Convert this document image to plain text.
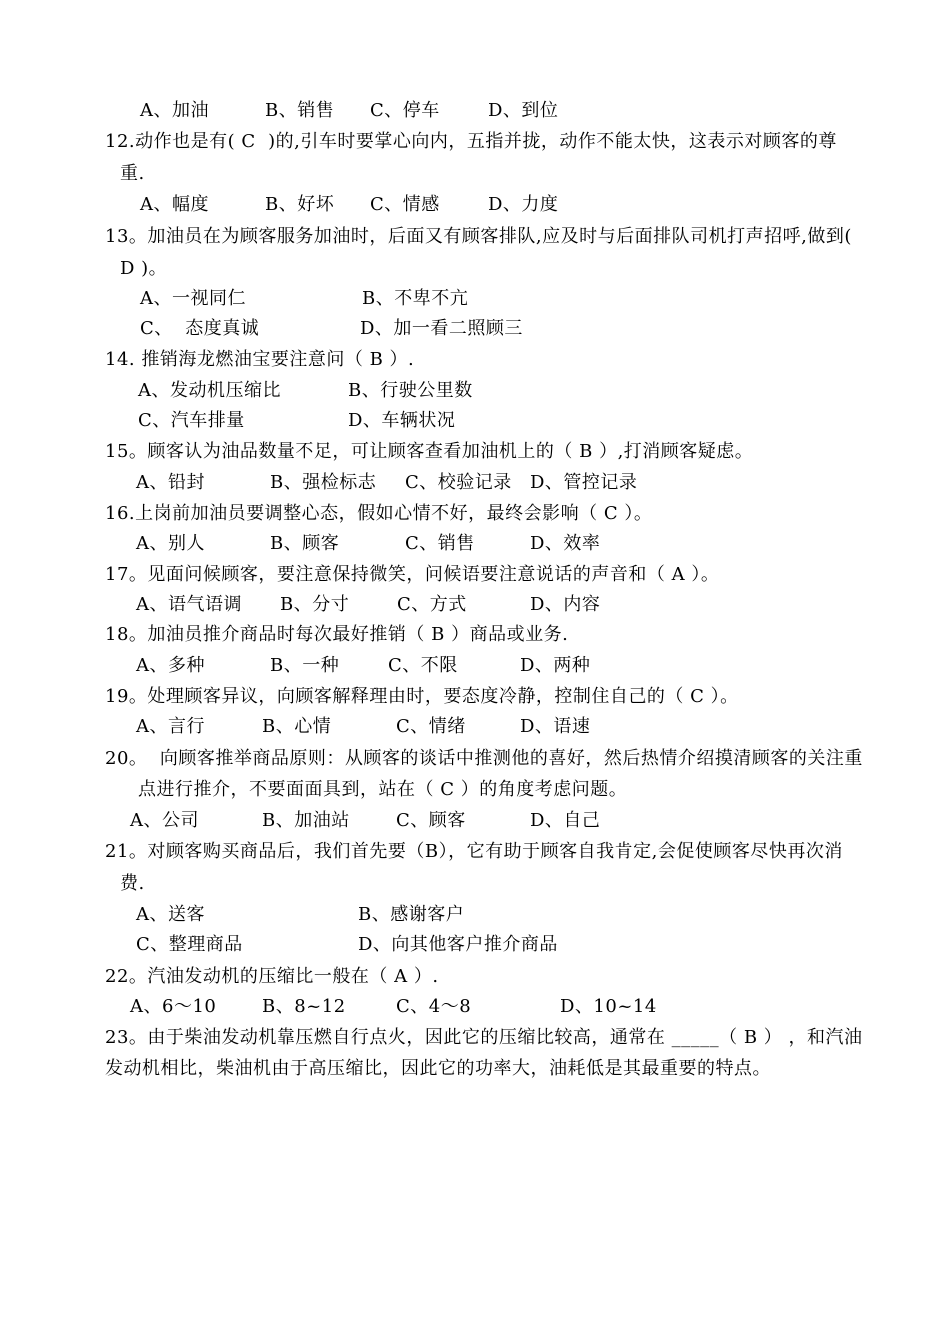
A、加油	B、销售 C、停车	D、到位
12.动作也是有( C  )的,引车时要掌心向内，五指并拢，动作不能太快，这表示对顾客的尊
重.
A、幅度	B、好坏 C、情感	D、力度
13。加油员在为顾客服务加油时，后面又有顾客排队,应及时与后面排队司机打声招呼,做到(
D )。
A、一视同仁	B、不卑不亢
C、  态度真诚	D、加一看二照顾三
14. 推销海龙燃油宝要注意问（ B ）.
A、发动机压缩比	B、行驶公里数
C、汽车排量	D、车辆状况
15。顾客认为油品数量不足，可让顾客查看加油机上的（ B ）,打消顾客疑虑。
A、铅封	B、强检标志 C、校验记录 D、管控记录
16.上岗前加油员要调整心态，假如心情不好，最终会影响（ C ）。
A、别人	B、顾客	C、销售	D、效率
17。见面问候顾客，要注意保持微笑，问候语要注意说话的声音和（ A ）。
A、语气语调 B、分寸	C、方式	D、内容
18。加油员推介商品时每次最好推销（ B ）商品或业务.
A、多种	B、一种	C、不限	D、两种
19。处理顾客异议，向顾客解释理由时，要态度冷静，控制住自己的（ C ）。
A、言行	B、心情	C、情绪	D、语速
20。  向顾客推举商品原则：从顾客的谈话中推测他的喜好，然后热情介绍摸清顾客的关注重
点进行推介，不要面面具到，站在（ C ）的角度考虑问题。
A、公司	B、加油站	C、顾客	D、自己
21。对顾客购买商品后，我们首先要（B），它有助于顾客自我肯定,会促使顾客尽快再次消
费.
A、送客	B、感谢客户
C、整理商品	D、向其他客户推介商品
22。汽油发动机的压缩比一般在（ A ）.
A、6～10	B、8~12	C、4～8	D、10~14
23。由于柴油发动机靠压燃自行点火，因此它的压缩比较高，通常在 _____（ B ） ，和汽油
发动机相比，柴油机由于高压缩比，因此它的功率大，油耗低是其最重要的特点。
